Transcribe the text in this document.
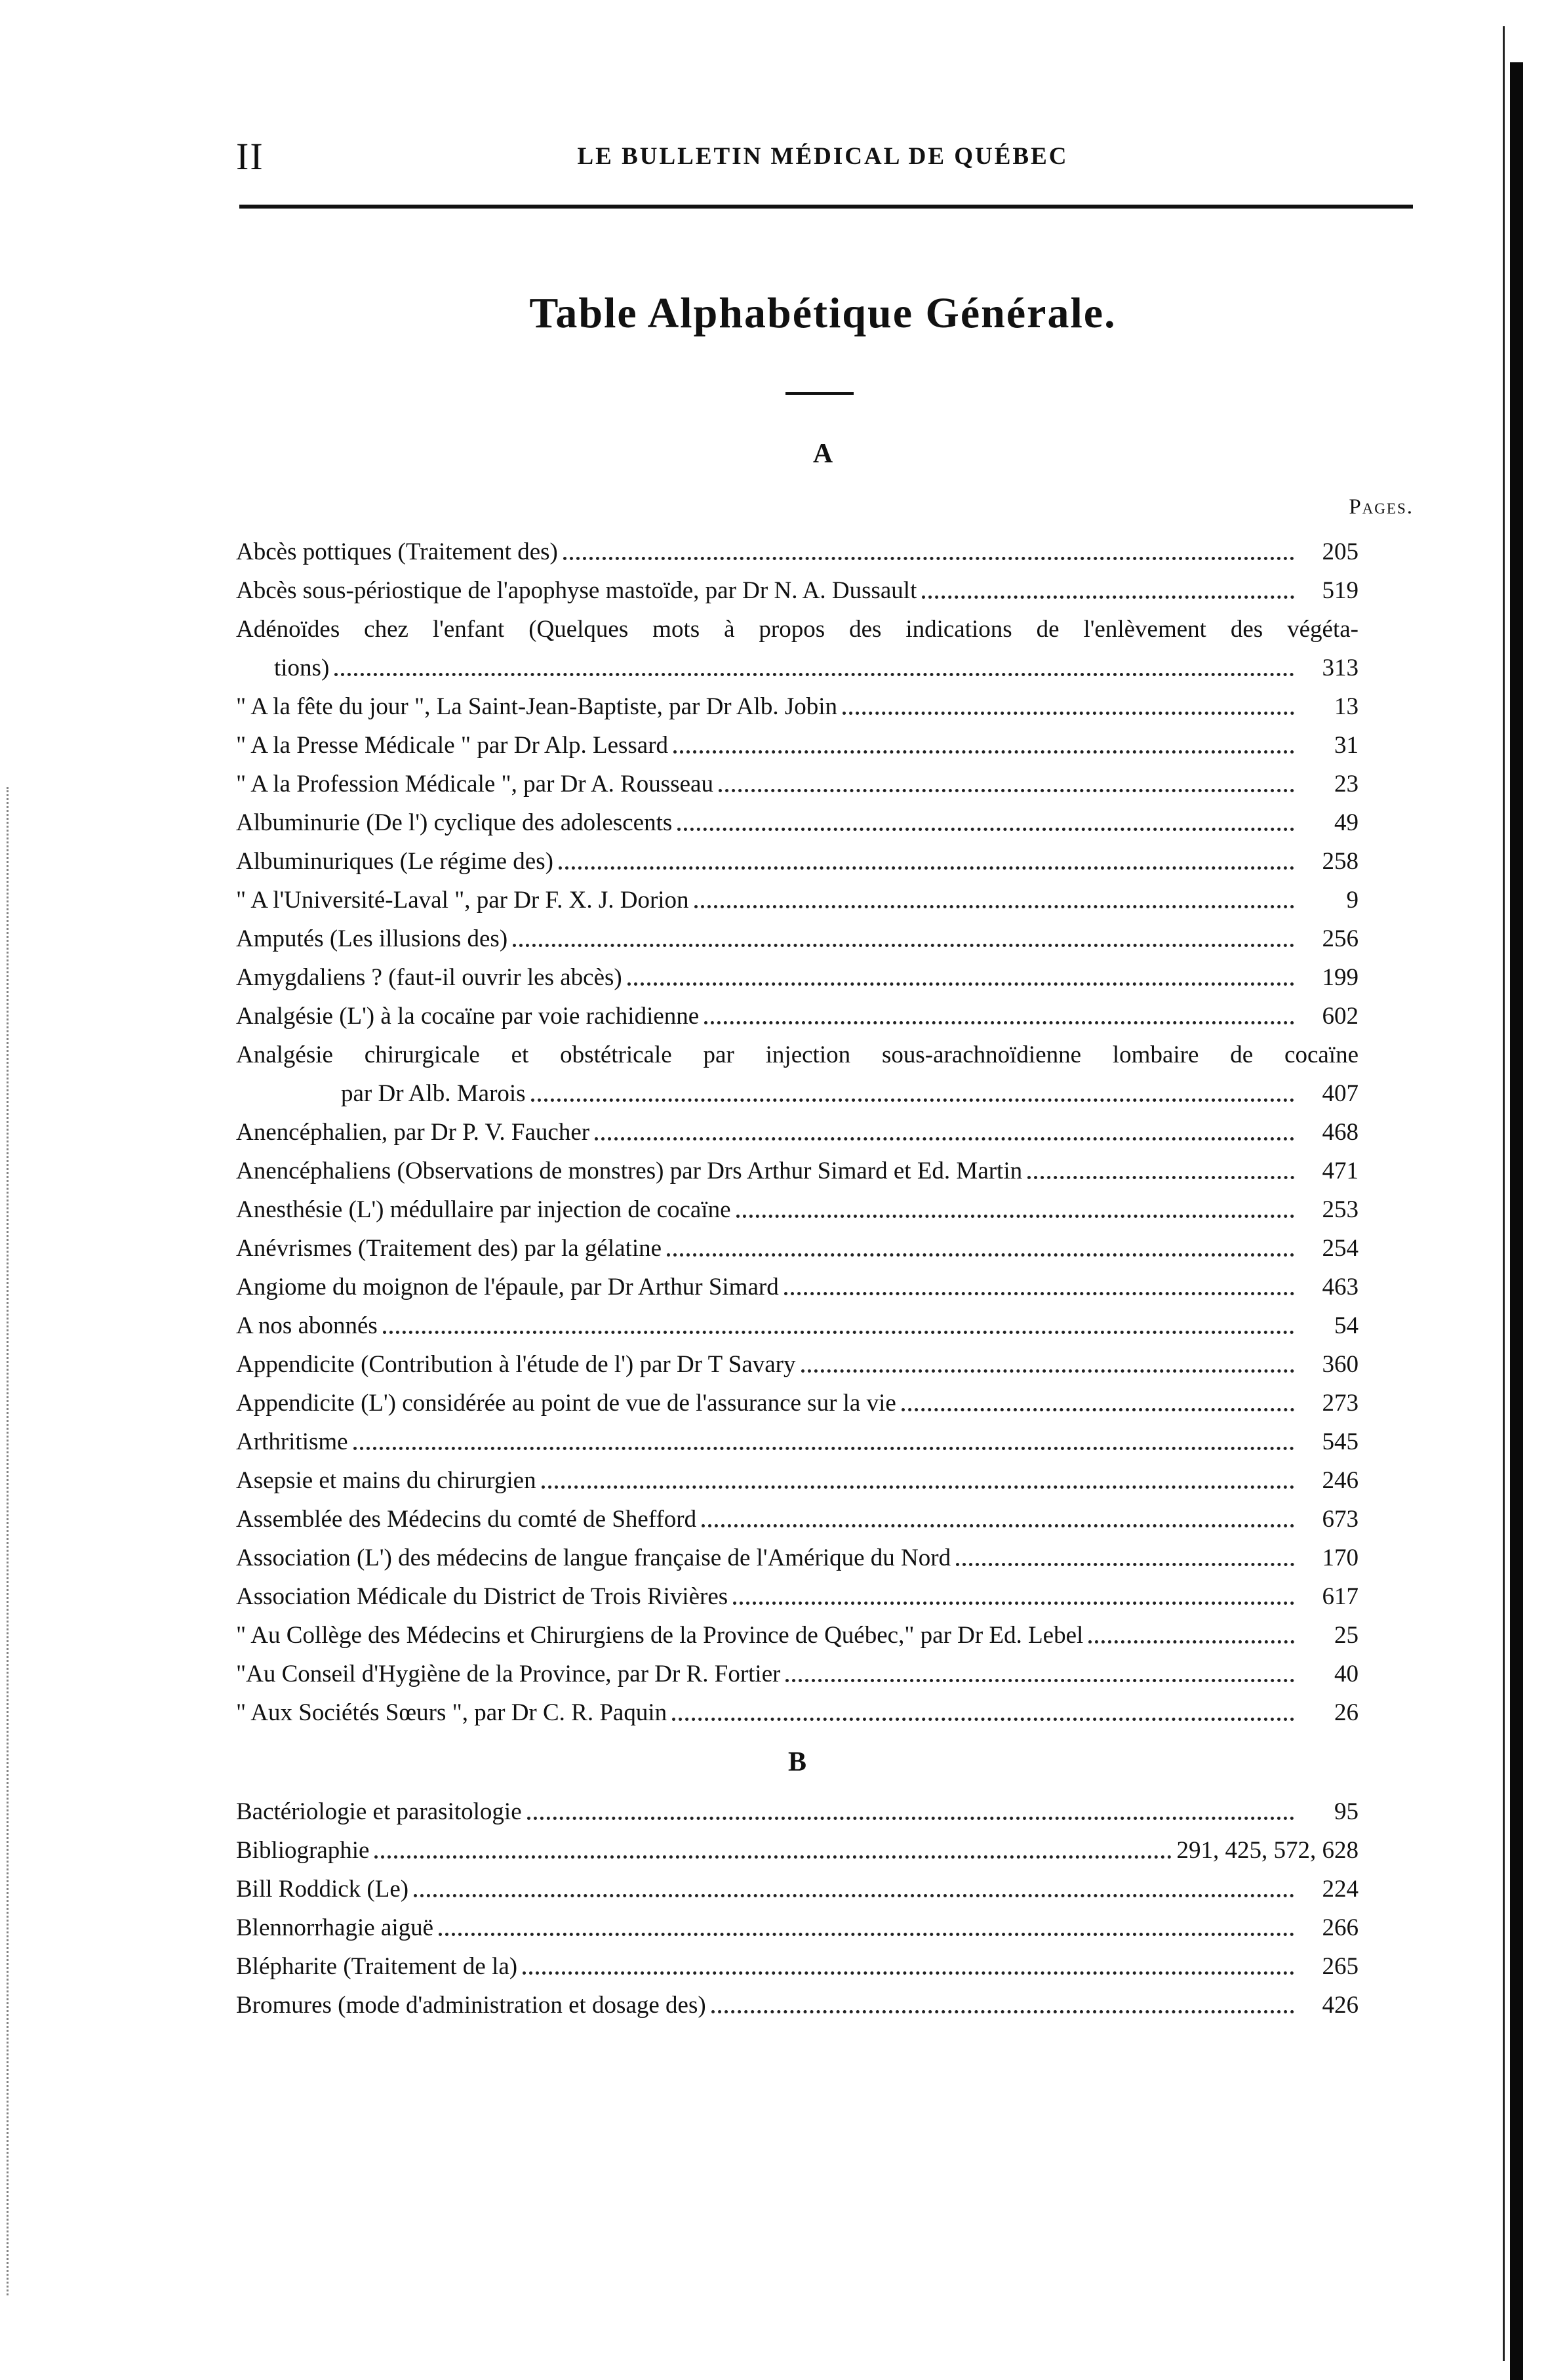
II	LE BULLETIN MÉDICAL DE QUÉBEC
Table Alphabétique Générale.
A
Pages.
Abcès pottiques (Traitement des)	205
Abcès sous-périostique de l'apophyse mastoïde, par Dr N. A. Dussault	519
Adénoïdes chez l'enfant (Quelques mots à propos des indications de l'enlèvement des végéta-
tions)	313
" A la fête du jour ", La Saint-Jean-Baptiste, par Dr Alb. Jobin	13
" A la Presse Médicale " par Dr Alp. Lessard	31
" A la Profession Médicale ", par Dr A. Rousseau	23
Albuminurie (De l') cyclique des adolescents	49
Albuminuriques (Le régime des)	258
" A l'Université-Laval ", par Dr F. X. J. Dorion	9
Amputés (Les illusions des)	256
Amygdaliens ? (faut-il ouvrir les abcès)	199
Analgésie (L') à la cocaïne par voie rachidienne	602
Analgésie chirurgicale et obstétricale par injection sous-arachnoïdienne lombaire de cocaïne
par Dr Alb. Marois	407
Anencéphalien, par Dr P. V. Faucher	468
Anencéphaliens (Observations de monstres) par Drs Arthur Simard et Ed. Martin	471
Anesthésie (L') médullaire par injection de cocaïne	253
Anévrismes (Traitement des) par la gélatine	254
Angiome du moignon de l'épaule, par Dr Arthur Simard	463
A nos abonnés	54
Appendicite (Contribution à l'étude de l') par Dr T Savary	360
Appendicite (L') considérée au point de vue de l'assurance sur la vie	273
Arthritisme	545
Asepsie et mains du chirurgien	246
Assemblée des Médecins du comté de Shefford	673
Association (L') des médecins de langue française de l'Amérique du Nord	170
Association Médicale du District de Trois Rivières	617
" Au Collège des Médecins et Chirurgiens de la Province de Québec," par Dr Ed. Lebel	25
"Au Conseil d'Hygiène de la Province, par Dr R. Fortier	40
" Aux Sociétés Sœurs ", par Dr C. R. Paquin	26
B
Bactériologie et parasitologie	95
Bibliographie	291, 425, 572, 628
Bill Roddick (Le)	224
Blennorrhagie aiguë	266
Blépharite (Traitement de la)	265
Bromures (mode d'administration et dosage des)	426
